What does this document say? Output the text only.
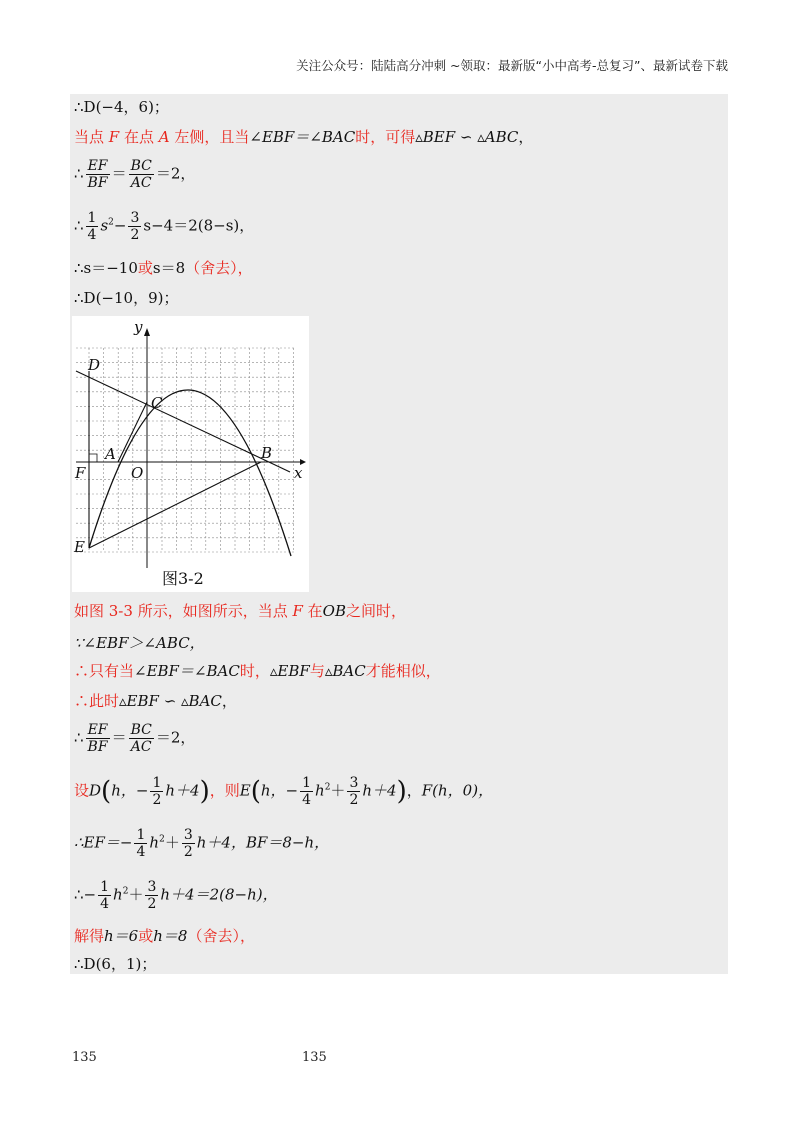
关注公众号：陆陆高分冲刺 ~领取：最新版“小中高考-总复习”、最新试卷下载
∴D(−4，6)；
当点 F 在点 A 左侧，且当∠EBF＝∠BAC时，可得▵BEF ∽ ▵ABC，
∴ $\frac{EF}{BF} = \frac{BC}{AC} =2$，
∴ $\frac{1}{4} s^2- \frac{3}{2} s-4=2(8-s)$，
∴s＝−10或s＝8（舍去），
∴D(−10，9)；
y
x
D
C
A	B
F	O
E
图3-2
如图 3-3 所示，如图所示，当点 F 在OB之间时，
∵∠EBF＞∠ABC，
∴只有当∠EBF＝∠BAC时，▵EBF与▵BAC才能相似，
∴此时▵EBF ∽ ▵BAC，
∴ $\frac{EF}{BF} = \frac{BC}{AC} =2$，
设D(h，− $\frac{1}{2} h+4$)，则E(h，− $\frac{1}{4} h^2+ \frac{3}{2} h+4$)，F(h，0)，
∴EF＝− $\frac{1}{4} h^2+ \frac{3}{2} h+4$，BF＝8−h，
∴− $\frac{1}{4} h^2+ \frac{3}{2} h+4=2(8-h)$，
解得h＝6或h＝8（舍去），
∴D(6，1)；
135	135
